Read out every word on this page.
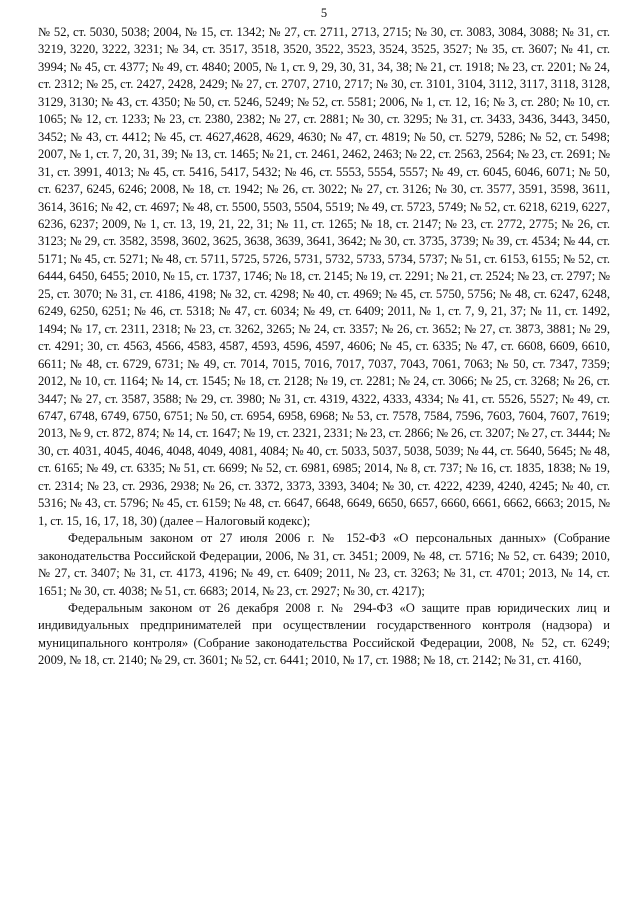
5

№ 52, ст. 5030, 5038; 2004, № 15, ст. 1342; № 27, ст. 2711, 2713, 2715; № 30, ст. 3083, 3084, 3088; № 31, ст. 3219, 3220, 3222, 3231; № 34, ст. 3517, 3518, 3520, 3522, 3523, 3524, 3525, 3527; № 35, ст. 3607; № 41, ст. 3994; № 45, ст. 4377; № 49, ст. 4840; 2005, № 1, ст. 9, 29, 30, 31, 34, 38; № 21, ст. 1918; № 23, ст. 2201; № 24, ст. 2312; № 25, ст. 2427, 2428, 2429; № 27, ст. 2707, 2710, 2717; № 30, ст. 3101, 3104, 3112, 3117, 3118, 3128, 3129, 3130; № 43, ст. 4350; № 50, ст. 5246, 5249; № 52, ст. 5581; 2006, № 1, ст. 12, 16; № 3, ст. 280; № 10, ст. 1065; № 12, ст. 1233; № 23, ст. 2380, 2382; № 27, ст. 2881; № 30, ст. 3295; № 31, ст. 3433, 3436, 3443, 3450, 3452; № 43, ст. 4412; № 45, ст. 4627,4628, 4629, 4630; № 47, ст. 4819; № 50, ст. 5279, 5286; № 52, ст. 5498; 2007, № 1, ст. 7, 20, 31, 39; № 13, ст. 1465; № 21, ст. 2461, 2462, 2463; № 22, ст. 2563, 2564; № 23, ст. 2691; № 31, ст. 3991, 4013; № 45, ст. 5416, 5417, 5432; № 46, ст. 5553, 5554, 5557; № 49, ст. 6045, 6046, 6071; № 50, ст. 6237, 6245, 6246; 2008, № 18, ст. 1942; № 26, ст. 3022; № 27, ст. 3126; № 30, ст. 3577, 3591, 3598, 3611, 3614, 3616; № 42, ст. 4697; № 48, ст. 5500, 5503, 5504, 5519; № 49, ст. 5723, 5749; № 52, ст. 6218, 6219, 6227, 6236, 6237; 2009, № 1, ст. 13, 19, 21, 22, 31; № 11, ст. 1265; № 18, ст. 2147; № 23, ст. 2772, 2775; № 26, ст. 3123; № 29, ст. 3582, 3598, 3602, 3625, 3638, 3639, 3641, 3642; № 30, ст. 3735, 3739; № 39, ст. 4534; № 44, ст. 5171; № 45, ст. 5271; № 48, ст. 5711, 5725, 5726, 5731, 5732, 5733, 5734, 5737; № 51, ст. 6153, 6155; № 52, ст. 6444, 6450, 6455; 2010, № 15, ст. 1737, 1746; № 18, ст. 2145; № 19, ст. 2291; № 21, ст. 2524; № 23, ст. 2797; № 25, ст. 3070; № 31, ст. 4186, 4198; № 32, ст. 4298; № 40, ст. 4969; № 45, ст. 5750, 5756; № 48, ст. 6247, 6248, 6249, 6250, 6251; № 46, ст. 5318; № 47, ст. 6034; № 49, ст. 6409; 2011, № 1, ст. 7, 9, 21, 37; № 11, ст. 1492, 1494; № 17, ст. 2311, 2318; № 23, ст. 3262, 3265; № 24, ст. 3357; № 26, ст. 3652; № 27, ст. 3873, 3881; № 29, ст. 4291; 30, ст. 4563, 4566, 4583, 4587, 4593, 4596, 4597, 4606; № 45, ст. 6335; № 47, ст. 6608, 6609, 6610, 6611; № 48, ст. 6729, 6731; № 49, ст. 7014, 7015, 7016, 7017, 7037, 7043, 7061, 7063; № 50, ст. 7347, 7359; 2012, № 10, ст. 1164; № 14, ст. 1545; № 18, ст. 2128; № 19, ст. 2281; № 24, ст. 3066; № 25, ст. 3268; № 26, ст. 3447; № 27, ст. 3587, 3588; № 29, ст. 3980; № 31, ст. 4319, 4322, 4333, 4334; № 41, ст. 5526, 5527; № 49, ст. 6747, 6748, 6749, 6750, 6751; № 50, ст. 6954, 6958, 6968; № 53, ст. 7578, 7584, 7596, 7603, 7604, 7607, 7619; 2013, № 9, ст. 872, 874; № 14, ст. 1647; № 19, ст. 2321, 2331; № 23, ст. 2866; № 26, ст. 3207; № 27, ст. 3444; № 30, ст. 4031, 4045, 4046, 4048, 4049, 4081, 4084; № 40, ст. 5033, 5037, 5038, 5039; № 44, ст. 5640, 5645; № 48, ст. 6165; № 49, ст. 6335; № 51, ст. 6699; № 52, ст. 6981, 6985; 2014, № 8, ст. 737; № 16, ст. 1835, 1838; № 19, ст. 2314; № 23, ст. 2936, 2938; № 26, ст. 3372, 3373, 3393, 3404; № 30, ст. 4222, 4239, 4240, 4245; № 40, ст. 5316; № 43, ст. 5796; № 45, ст. 6159; № 48, ст. 6647, 6648, 6649, 6650, 6657, 6660, 6661, 6662, 6663; 2015, № 1, ст. 15, 16, 17, 18, 30) (далее – Налоговый кодекс);

Федеральным законом от 27 июля 2006 г. № 152-ФЗ «О персональных данных» (Собрание законодательства Российской Федерации, 2006, № 31, ст. 3451; 2009, № 48, ст. 5716; № 52, ст. 6439; 2010, № 27, ст. 3407; № 31, ст. 4173, 4196; № 49, ст. 6409; 2011, № 23, ст. 3263; № 31, ст. 4701; 2013, № 14, ст. 1651; № 30, ст. 4038; № 51, ст. 6683; 2014, № 23, ст. 2927; № 30, ст. 4217);

Федеральным законом от 26 декабря 2008 г. № 294-ФЗ «О защите прав юридических лиц и индивидуальных предпринимателей при осуществлении государственного контроля (надзора) и муниципального контроля» (Собрание законодательства Российской Федерации, 2008, № 52, ст. 6249; 2009, № 18, ст. 2140; № 29, ст. 3601; № 52, ст. 6441; 2010, № 17, ст. 1988; № 18, ст. 2142; № 31, ст. 4160,
